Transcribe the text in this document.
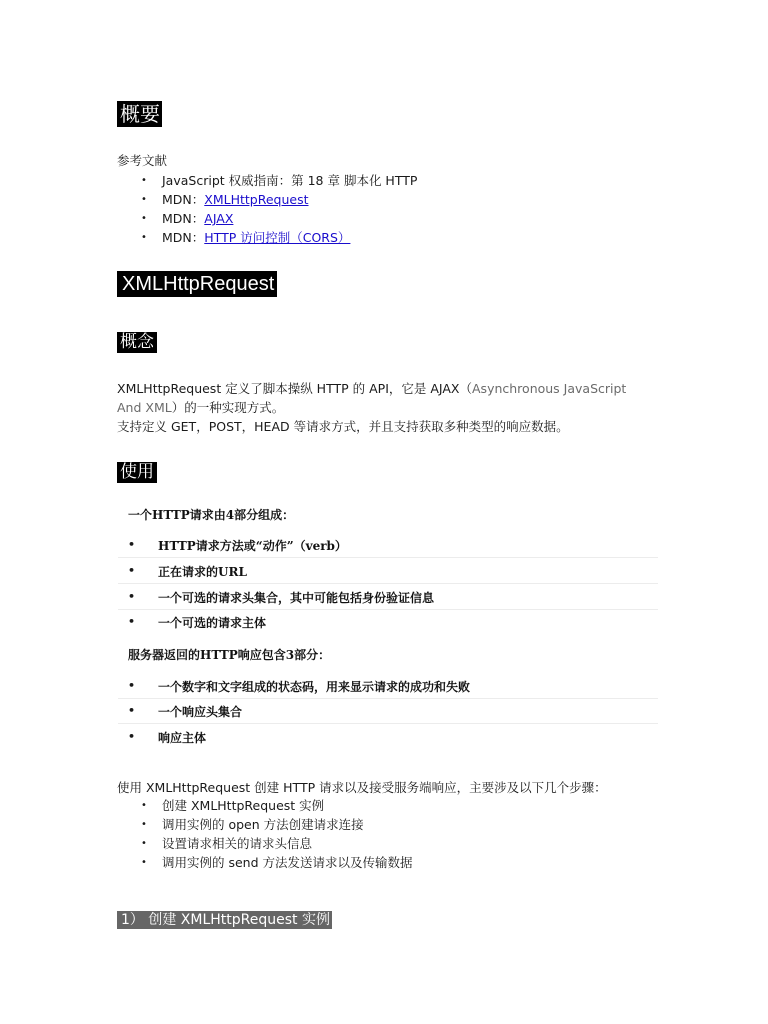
概要
参考文献
• JavaScript 权威指南：第 18 章 脚本化 HTTP
• MDN：XMLHttpRequest
• MDN：AJAX
• MDN：HTTP 访问控制（CORS）
XMLHttpRequest
概念
XMLHttpRequest 定义了脚本操纵 HTTP 的 API，它是 AJAX（Asynchronous JavaScript
And XML）的一种实现方式。
支持定义 GET，POST，HEAD 等请求方式，并且支持获取多种类型的响应数据。
使用
一个HTTP请求由4部分组成：
• HTTP请求方法或“动作”（verb）
• 正在请求的URL
• 一个可选的请求头集合，其中可能包括身份验证信息
• 一个可选的请求主体
服务器返回的HTTP响应包含3部分：
• 一个数字和文字组成的状态码，用来显示请求的成功和失败
• 一个响应头集合
• 响应主体
使用 XMLHttpRequest 创建 HTTP 请求以及接受服务端响应，主要涉及以下几个步骤：
• 创建 XMLHttpRequest 实例
• 调用实例的 open 方法创建请求连接
• 设置请求相关的请求头信息
• 调用实例的 send 方法发送请求以及传输数据
1） 创建 XMLHttpRequest 实例
